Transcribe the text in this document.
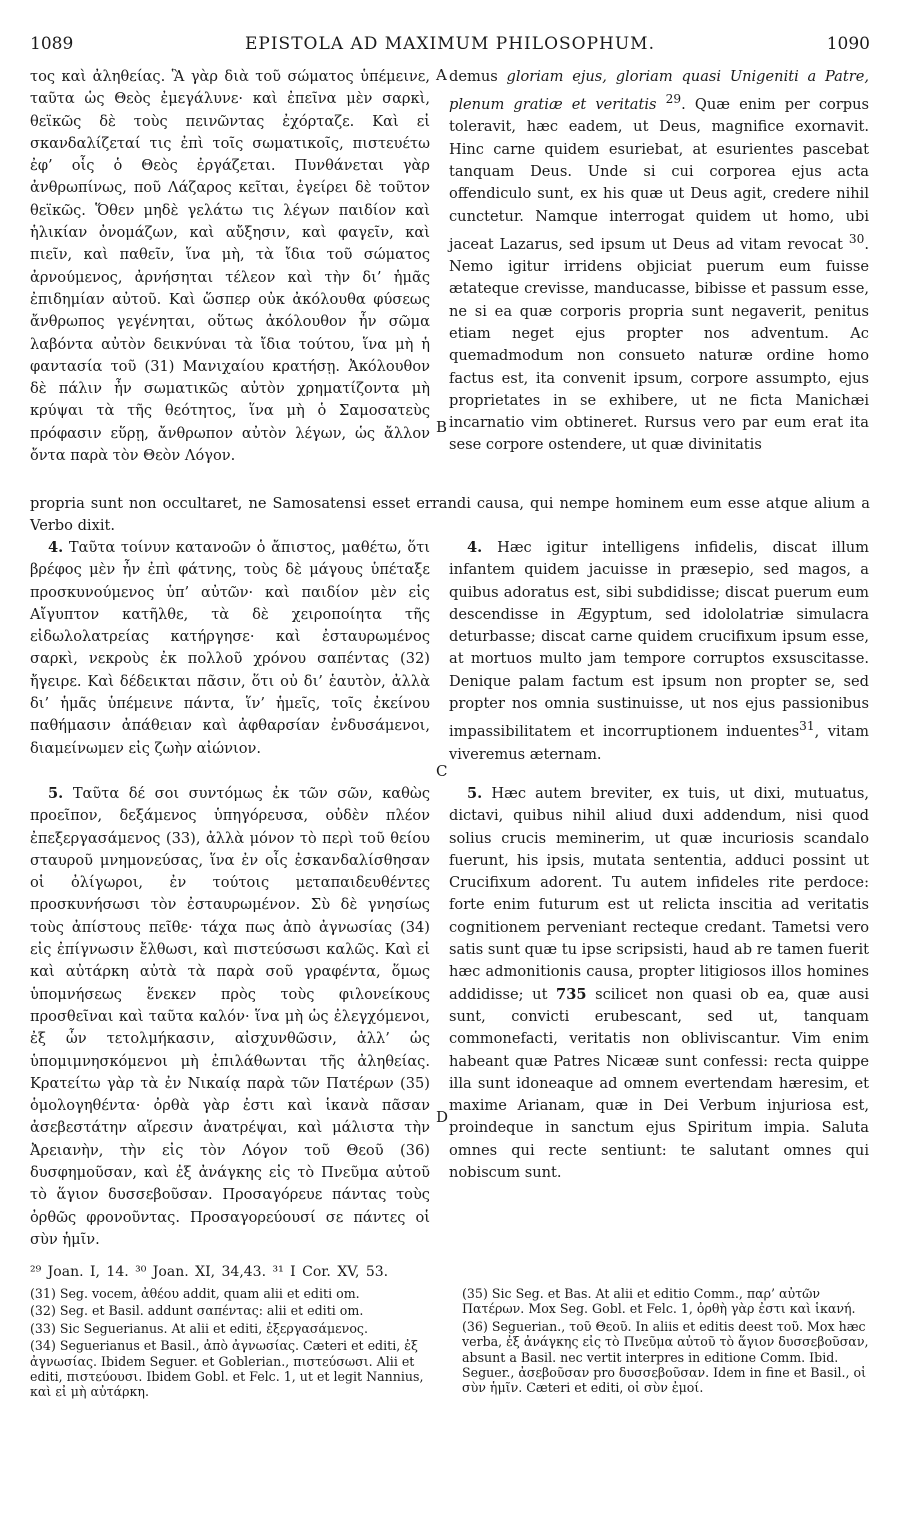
1089	EPISTOLA AD MAXIMUM PHILOSOPHUM.	1090

τος καὶ ἀληθείας. Ἃ γὰρ διὰ τοῦ σώματος ὑπέμεινε, ταῦτα ὡς Θεὸς ἐμεγάλυνε· καὶ ἐπεῖνα μὲν σαρκὶ, θεϊκῶς δὲ τοὺς πεινῶντας ἐχόρταζε. Καὶ εἰ σκανδαλίζεταί τις ἐπὶ τοῖς σωματικοῖς, πιστευέτω ἐφ’ οἷς ὁ Θεὸς ἐργάζεται. Πυνθάνεται γὰρ ἀνθρωπίνως, ποῦ Λάζαρος κεῖται, ἐγείρει δὲ τοῦτον θεϊκῶς. Ὅθεν μηδὲ γελάτω τις λέγων παιδίον καὶ ἡλικίαν ὀνομάζων, καὶ αὔξησιν, καὶ φαγεῖν, καὶ πιεῖν, καὶ παθεῖν, ἵνα μὴ, τὰ ἴδια τοῦ σώματος ἀρνούμενος, ἀρνήσηται τέλεον καὶ τὴν δι’ ἡμᾶς ἐπιδημίαν αὐτοῦ. Καὶ ὥσπερ οὐκ ἀκόλουθα φύσεως ἄνθρωπος γεγένηται, οὕτως ἀκόλουθον ἦν σῶμα λαβόντα αὐτὸν δεικνύναι τὰ ἴδια τούτου, ἵνα μὴ ἡ φαντασία τοῦ (31) Μανιχαίου κρατήσῃ. Ἀκόλουθον δὲ πάλιν ἦν σωματικῶς αὐτὸν χρηματίζοντα μὴ κρύψαι τὰ τῆς θεότητος, ἵνα μὴ ὁ Σαμοσατεὺς πρόφασιν εὕρῃ, ἄνθρωπον αὐτὸν λέγων, ὡς ἄλλον ὄντα παρὰ τὸν Θεὸν Λόγον.

4. Ταῦτα τοίνυν κατανοῶν ὁ ἄπιστος, μαθέτω, ὅτι βρέφος μὲν ἦν ἐπὶ φάτνης, τοὺς δὲ μάγους ὑπέταξε προσκυνούμενος ὑπ’ αὐτῶν· καὶ παιδίον μὲν εἰς Αἴγυπτον κατῆλθε, τὰ δὲ χειροποίητα τῆς εἰδωλολατρείας κατήργησε· καὶ ἐσταυρωμένος σαρκὶ, νεκροὺς ἐκ πολλοῦ χρόνου σαπέντας (32) ἤγειρε. Καὶ δέδεικται πᾶσιν, ὅτι οὐ δι’ ἑαυτὸν, ἀλλὰ δι’ ἡμᾶς ὑπέμεινε πάντα, ἵν’ ἡμεῖς, τοῖς ἐκείνου παθήμασιν ἀπάθειαν καὶ ἀφθαρσίαν ἐνδυσάμενοι, διαμείνωμεν εἰς ζωὴν αἰώνιον.

5. Ταῦτα δέ σοι συντόμως ἐκ τῶν σῶν, καθὼς προεῖπον, δεξάμενος ὑπηγόρευσα, οὐδὲν πλέον ἐπεξεργασάμενος (33), ἀλλὰ μόνον τὸ περὶ τοῦ θείου σταυροῦ μνημονεύσας, ἵνα ἐν οἷς ἐσκανδαλίσθησαν οἱ ὀλίγωροι, ἐν τούτοις μεταπαιδευθέντες προσκυνήσωσι τὸν ἐσταυρωμένον. Σὺ δὲ γνησίως τοὺς ἀπίστους πεῖθε· τάχα πως ἀπὸ ἀγνωσίας (34) εἰς ἐπίγνωσιν ἔλθωσι, καὶ πιστεύσωσι καλῶς. Καὶ εἰ καὶ αὐτάρκη αὐτὰ τὰ παρὰ σοῦ γραφέντα, ὅμως ὑπομνήσεως ἕνεκεν πρὸς τοὺς φιλονείκους προσθεῖναι καὶ ταῦτα καλόν· ἵνα μὴ ὡς ἐλεγχόμενοι, ἐξ ὧν τετολμήκασιν, αἰσχυνθῶσιν, ἀλλ’ ὡς ὑπομιμνησκόμενοι μὴ ἐπιλάθωνται τῆς ἀληθείας. Κρατείτω γὰρ τὰ ἐν Νικαίᾳ παρὰ τῶν Πατέρων (35) ὁμολογηθέντα· ὀρθὰ γὰρ ἐστι καὶ ἱκανὰ πᾶσαν ἀσεβεστάτην αἵρεσιν ἀνατρέψαι, καὶ μάλιστα τὴν Ἀρειανὴν, τὴν εἰς τὸν Λόγον τοῦ Θεοῦ (36) δυσφημοῦσαν, καὶ ἐξ ἀνάγκης εἰς τὸ Πνεῦμα αὐτοῦ τὸ ἅγιον δυσσεβοῦσαν. Προσαγόρευε πάντας τοὺς ὀρθῶς φρονοῦντας. Προσαγορεύουσί σε πάντες οἱ σὺν ἡμῖν.

A
B
C
D

demus gloriam ejus, gloriam quasi Unigeniti a Patre, plenum gratiæ et veritatis $^{29}$. Quæ enim per corpus toleravit, hæc eadem, ut Deus, magnifice exornavit. Hinc carne quidem esuriebat, at esurientes pascebat tanquam Deus. Unde si cui corporea ejus acta offendiculo sunt, ex his quæ ut Deus agit, credere nihil cunctetur. Namque interrogat quidem ut homo, ubi jaceat Lazarus, sed ipsum ut Deus ad vitam revocat $^{30}$. Nemo igitur irridens objiciat puerum eum fuisse ætateque crevisse, manducasse, bibisse et passum esse, ne si ea quæ corporis propria sunt negaverit, penitus etiam neget ejus propter nos adventum. Ac quemadmodum non consueto naturæ ordine homo factus est, ita convenit ipsum, corpore assumpto, ejus proprietates in se exhibere, ut ne ficta Manichæi incarnatio vim obtineret. Rursus vero par eum erat ita sese corpore ostendere, ut quæ divinitatis

propria sunt non occultaret, ne Samosatensi esset errandi causa, qui nempe hominem eum esse atque alium a Verbo dixit.

4. Hæc igitur intelligens infidelis, discat illum infantem quidem jacuisse in præsepio, sed magos, a quibus adoratus est, sibi subdidisse; discat puerum eum descendisse in Ægyptum, sed idololatriæ simulacra deturbasse; discat carne quidem crucifixum ipsum esse, at mortuos multo jam tempore corruptos exsuscitasse. Denique palam factum est ipsum non propter se, sed propter nos omnia sustinuisse, ut nos ejus passionibus impassibilitatem et incorruptionem induentes$^{31}$, vitam viveremus æternam.

5. Hæc autem breviter, ex tuis, ut dixi, mutuatus, dictavi, quibus nihil aliud duxi addendum, nisi quod solius crucis meminerim, ut quæ incuriosis scandalo fuerunt, his ipsis, mutata sententia, adduci possint ut Crucifixum adorent. Tu autem infideles rite perdoce: forte enim futurum est ut relicta inscitia ad veritatis cognitionem perveniant recteque credant. Tametsi vero satis sunt quæ tu ipse scripsisti, haud ab re tamen fuerit hæc admonitionis causa, propter litigiosos illos homines addidisse; ut 735 scilicet non quasi ob ea, quæ ausi sunt, convicti erubescant, sed ut, tanquam commonefacti, veritatis non obliviscantur. Vim enim habeant quæ Patres Nicææ sunt confessi: recta quippe illa sunt idoneaque ad omnem evertendam hæresim, et maxime Arianam, quæ in Dei Verbum injuriosa est, proindeque in sanctum ejus Spiritum impia. Saluta omnes qui recte sentiunt: te salutant omnes qui nobiscum sunt.

²⁹ Joan. I, 14. ³⁰ Joan. XI, 34,43. ³¹ I Cor. XV, 53.

(31) Seg. vocem, ἀθέου addit, quam alii et editi om.

(32) Seg. et Basil. addunt σαπέντας: alii et editi om.

(33) Sic Seguerianus. At alii et editi, ἐξεργασάμενος.

(34) Seguerianus et Basil., ἀπὸ ἀγνωσίας. Cæteri et editi, ἐξ ἀγνωσίας. Ibidem Seguer. et Goblerian., πιστεύσωσι. Alii et editi, πιστεύουσι. Ibidem Gobl. et Felc. 1, ut et legit Nannius, καὶ εἰ μὴ αὐτάρκη.

(35) Sic Seg. et Bas. At alii et editio Comm., παρ’ αὐτῶν Πατέρων. Mox Seg. Gobl. et Felc. 1, ὀρθὴ γὰρ ἐστι καὶ ἱκανή.

(36) Seguerian., τοῦ Θεοῦ. In aliis et editis deest τοῦ. Mox hæc verba, ἐξ ἀνάγκης εἰς τὸ Πνεῦμα αὐτοῦ τὸ ἅγιον δυσσεβοῦσαν, absunt a Basil. nec vertit interpres in editione Comm. Ibid. Seguer., ἀσεβοῦσαν pro δυσσεβοῦσαν. Idem in fine et Basil., οἱ σὺν ἡμῖν. Cæteri et editi, οἱ σὺν ἐμοί.
